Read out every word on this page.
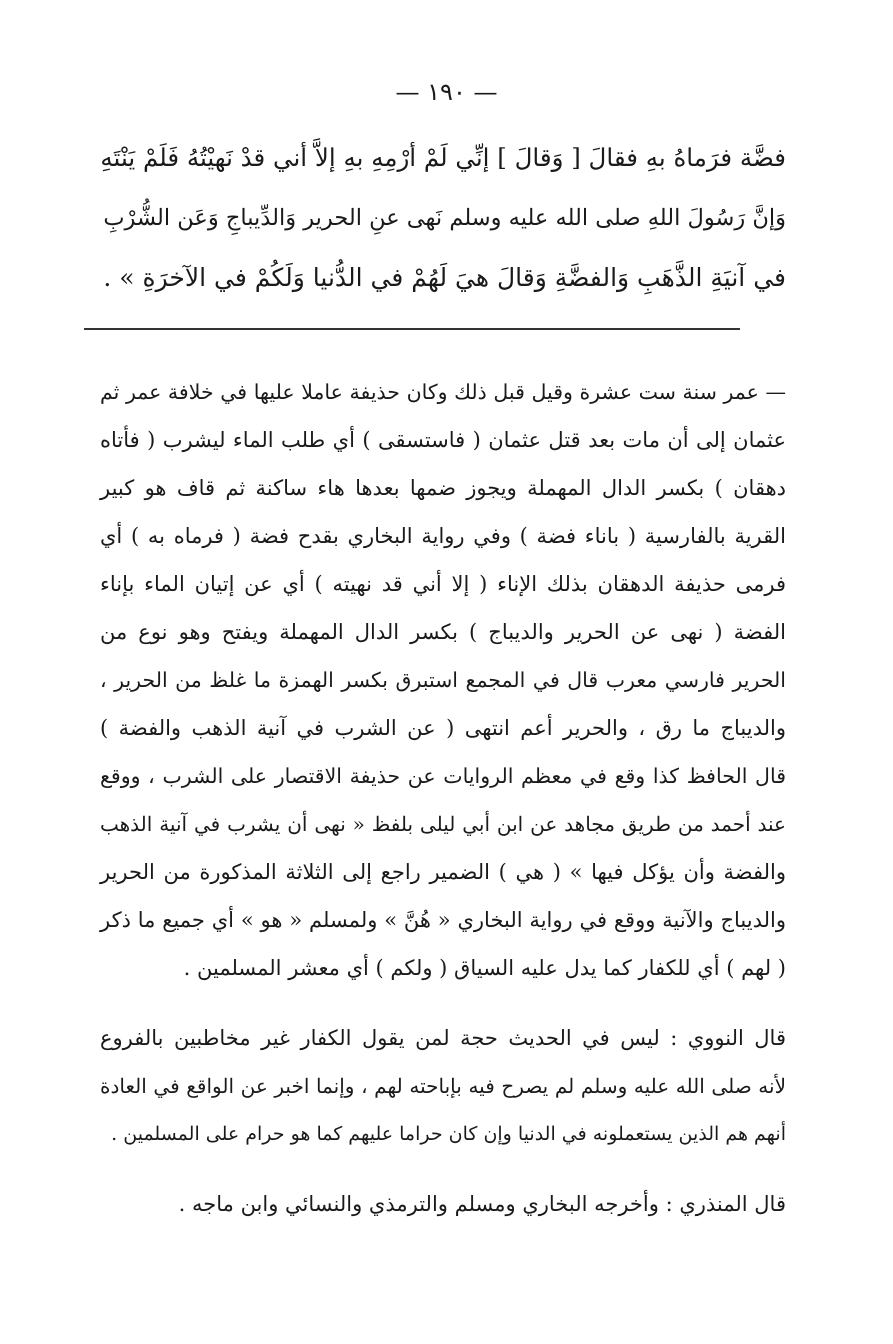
— ١٩٠ —
فضَّة فرَماهُ بهِ فقالَ [ وَقالَ ] إنِّي لَمْ أرْمِهِ بهِ إلاَّ أني قدْ نَهيْتُهُ فَلَمْ يَنْتَهِ
وَإنَّ رَسُولَ اللهِ صلى الله عليه وسلم نَهى عنِ الحرير وَالدِّيباجِ وَعَن الشُّرْبِ
في آنيَةِ الذَّهَبِ وَالفضَّةِ وَقالَ هيَ لَهُمْ في الدُّنيا وَلَكُمْ في الآخرَةِ » .

— عمر سنة ست عشرة وقيل قبل ذلك وكان حذيفة عاملا عليها في خلافة عمر ثم
عثمان إلى أن مات بعد قتل عثمان ( فاستسقى ) أي طلب الماء ليشرب ( فأتاه
دهقان ) بكسر الدال المهملة ويجوز ضمها بعدها هاء ساكنة ثم قاف هو كبير
القرية بالفارسية ( باناء فضة ) وفي رواية البخاري بقدح فضة ( فرماه به ) أي
فرمى حذيفة الدهقان بذلك الإناء ( إلا أني قد نهيته ) أي عن إتيان الماء بإناء
الفضة ( نهى عن الحرير والديباج ) بكسر الدال المهملة ويفتح وهو نوع من
الحرير فارسي معرب قال في المجمع استبرق بكسر الهمزة ما غلظ من الحرير ،
والديباج ما رق ، والحرير أعم انتهى ( عن الشرب في آنية الذهب والفضة )
قال الحافظ كذا وقع في معظم الروايات عن حذيفة الاقتصار على الشرب ، ووقع
عند أحمد من طريق مجاهد عن ابن أبي ليلى بلفظ « نهى أن يشرب في آنية الذهب
والفضة وأن يؤكل فيها » ( هي ) الضمير راجع إلى الثلاثة المذكورة من الحرير
والديباج والآنية ووقع في رواية البخاري « هُنَّ » ولمسلم « هو » أي جميع ما ذكر
( لهم ) أي للكفار كما يدل عليه السياق ( ولكم ) أي معشر المسلمين .

قال النووي : ليس في الحديث حجة لمن يقول الكفار غير مخاطبين بالفروع
لأنه صلى الله عليه وسلم لم يصرح فيه بإباحته لهم ، وإنما اخبر عن الواقع في العادة
أنهم هم الذين يستعملونه في الدنيا وإن كان حراما عليهم كما هو حرام على المسلمين .

قال المنذري : وأخرجه البخاري ومسلم والترمذي والنسائي وابن ماجه .
